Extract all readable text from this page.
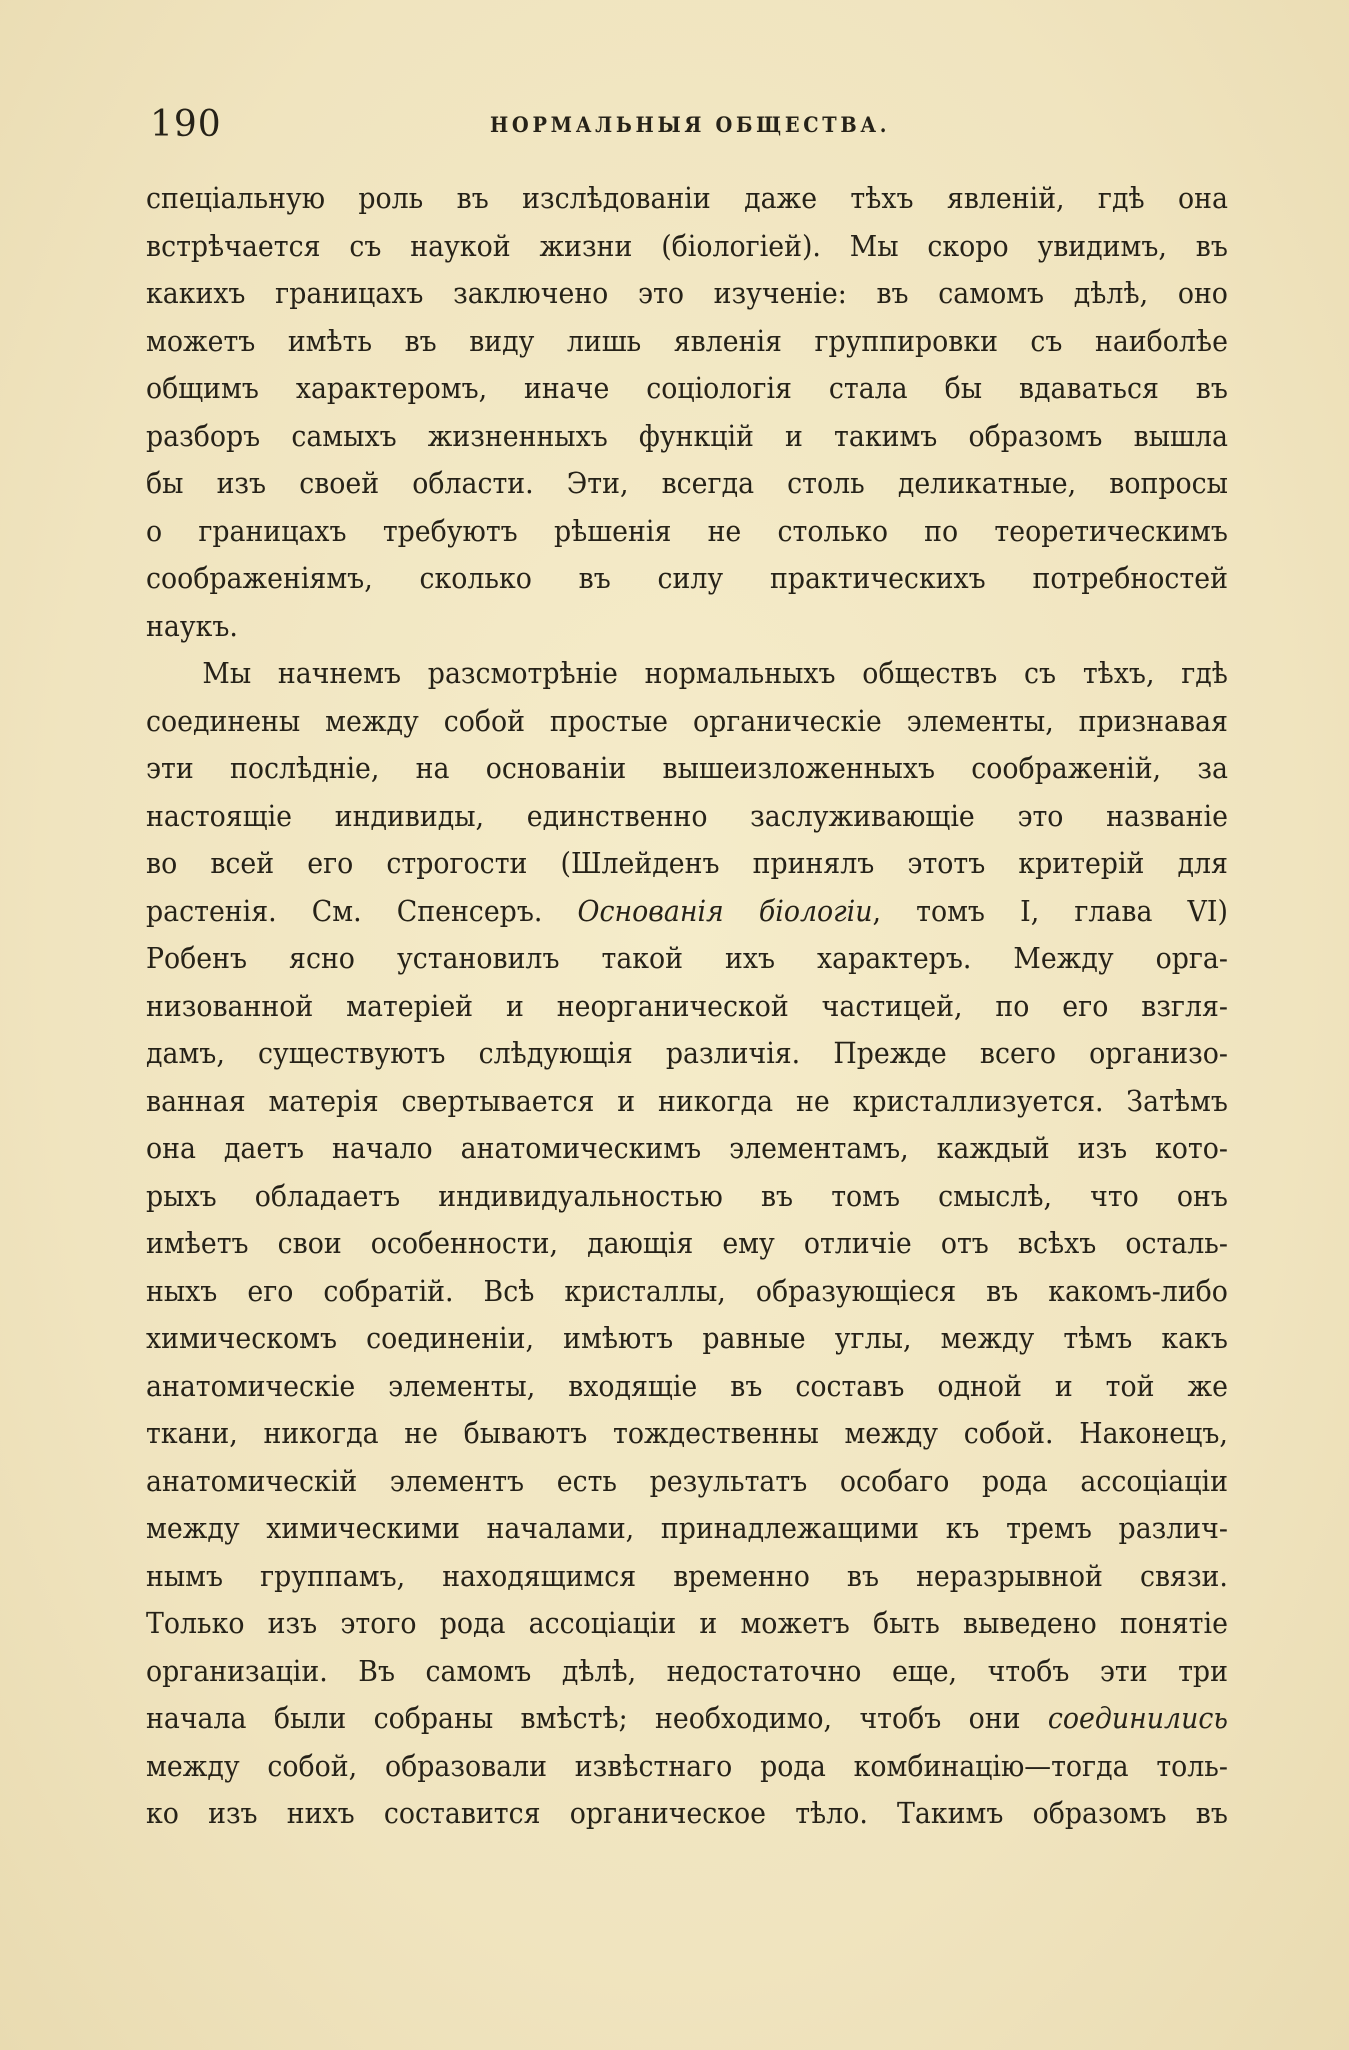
190	НОРМАЛЬНЫЯ ОБЩЕСТВА.
спеціальную роль въ изслѣдованіи даже тѣхъ явленій, гдѣ она
встрѣчается съ наукой жизни (біологіей). Мы скоро увидимъ, въ
какихъ границахъ заключено это изученіе: въ самомъ дѣлѣ, оно
можетъ имѣть въ виду лишь явленія группировки съ наиболѣе
общимъ характеромъ, иначе соціологія стала бы вдаваться въ
разборъ самыхъ жизненныхъ функцій и такимъ образомъ вышла
бы изъ своей области. Эти, всегда столь деликатные, вопросы
о границахъ требуютъ рѣшенія не столько по теоретическимъ
соображеніямъ, сколько въ силу практическихъ потребностей
наукъ.
Мы начнемъ разсмотрѣніе нормальныхъ обществъ съ тѣхъ, гдѣ
соединены между собой простые органическіе элементы, признавая
эти послѣдніе, на основаніи вышеизложенныхъ соображеній, за
настоящіе индивиды, единственно заслуживающіе это названіе
во всей его строгости (Шлейденъ принялъ этотъ критерій для
растенія. См. Спенсеръ. Основанія біологіи, томъ I, глава VI)
Робенъ ясно установилъ такой ихъ характеръ. Между орга-
низованной матеріей и неорганической частицей, по его взгля-
дамъ, существуютъ слѣдующія различія. Прежде всего организо-
ванная матерія свертывается и никогда не кристаллизуется. Затѣмъ
она даетъ начало анатомическимъ элементамъ, каждый изъ кото-
рыхъ обладаетъ индивидуальностью въ томъ смыслѣ, что онъ
имѣетъ свои особенности, дающія ему отличіе отъ всѣхъ осталь-
ныхъ его собратій. Всѣ кристаллы, образующіеся въ какомъ-либо
химическомъ соединеніи, имѣютъ равные углы, между тѣмъ какъ
анатомическіе элементы, входящіе въ составъ одной и той же
ткани, никогда не бываютъ тождественны между собой. Наконецъ,
анатомическій элементъ есть результатъ особаго рода ассоціаціи
между химическими началами, принадлежащими къ тремъ различ-
нымъ группамъ, находящимся временно въ неразрывной связи.
Только изъ этого рода ассоціаціи и можетъ быть выведено понятіе
организаціи. Въ самомъ дѣлѣ, недостаточно еще, чтобъ эти три
начала были собраны вмѣстѣ; необходимо, чтобъ они соединились
между собой, образовали извѣстнаго рода комбинацію—тогда толь-
ко изъ нихъ составится органическое тѣло. Такимъ образомъ въ
